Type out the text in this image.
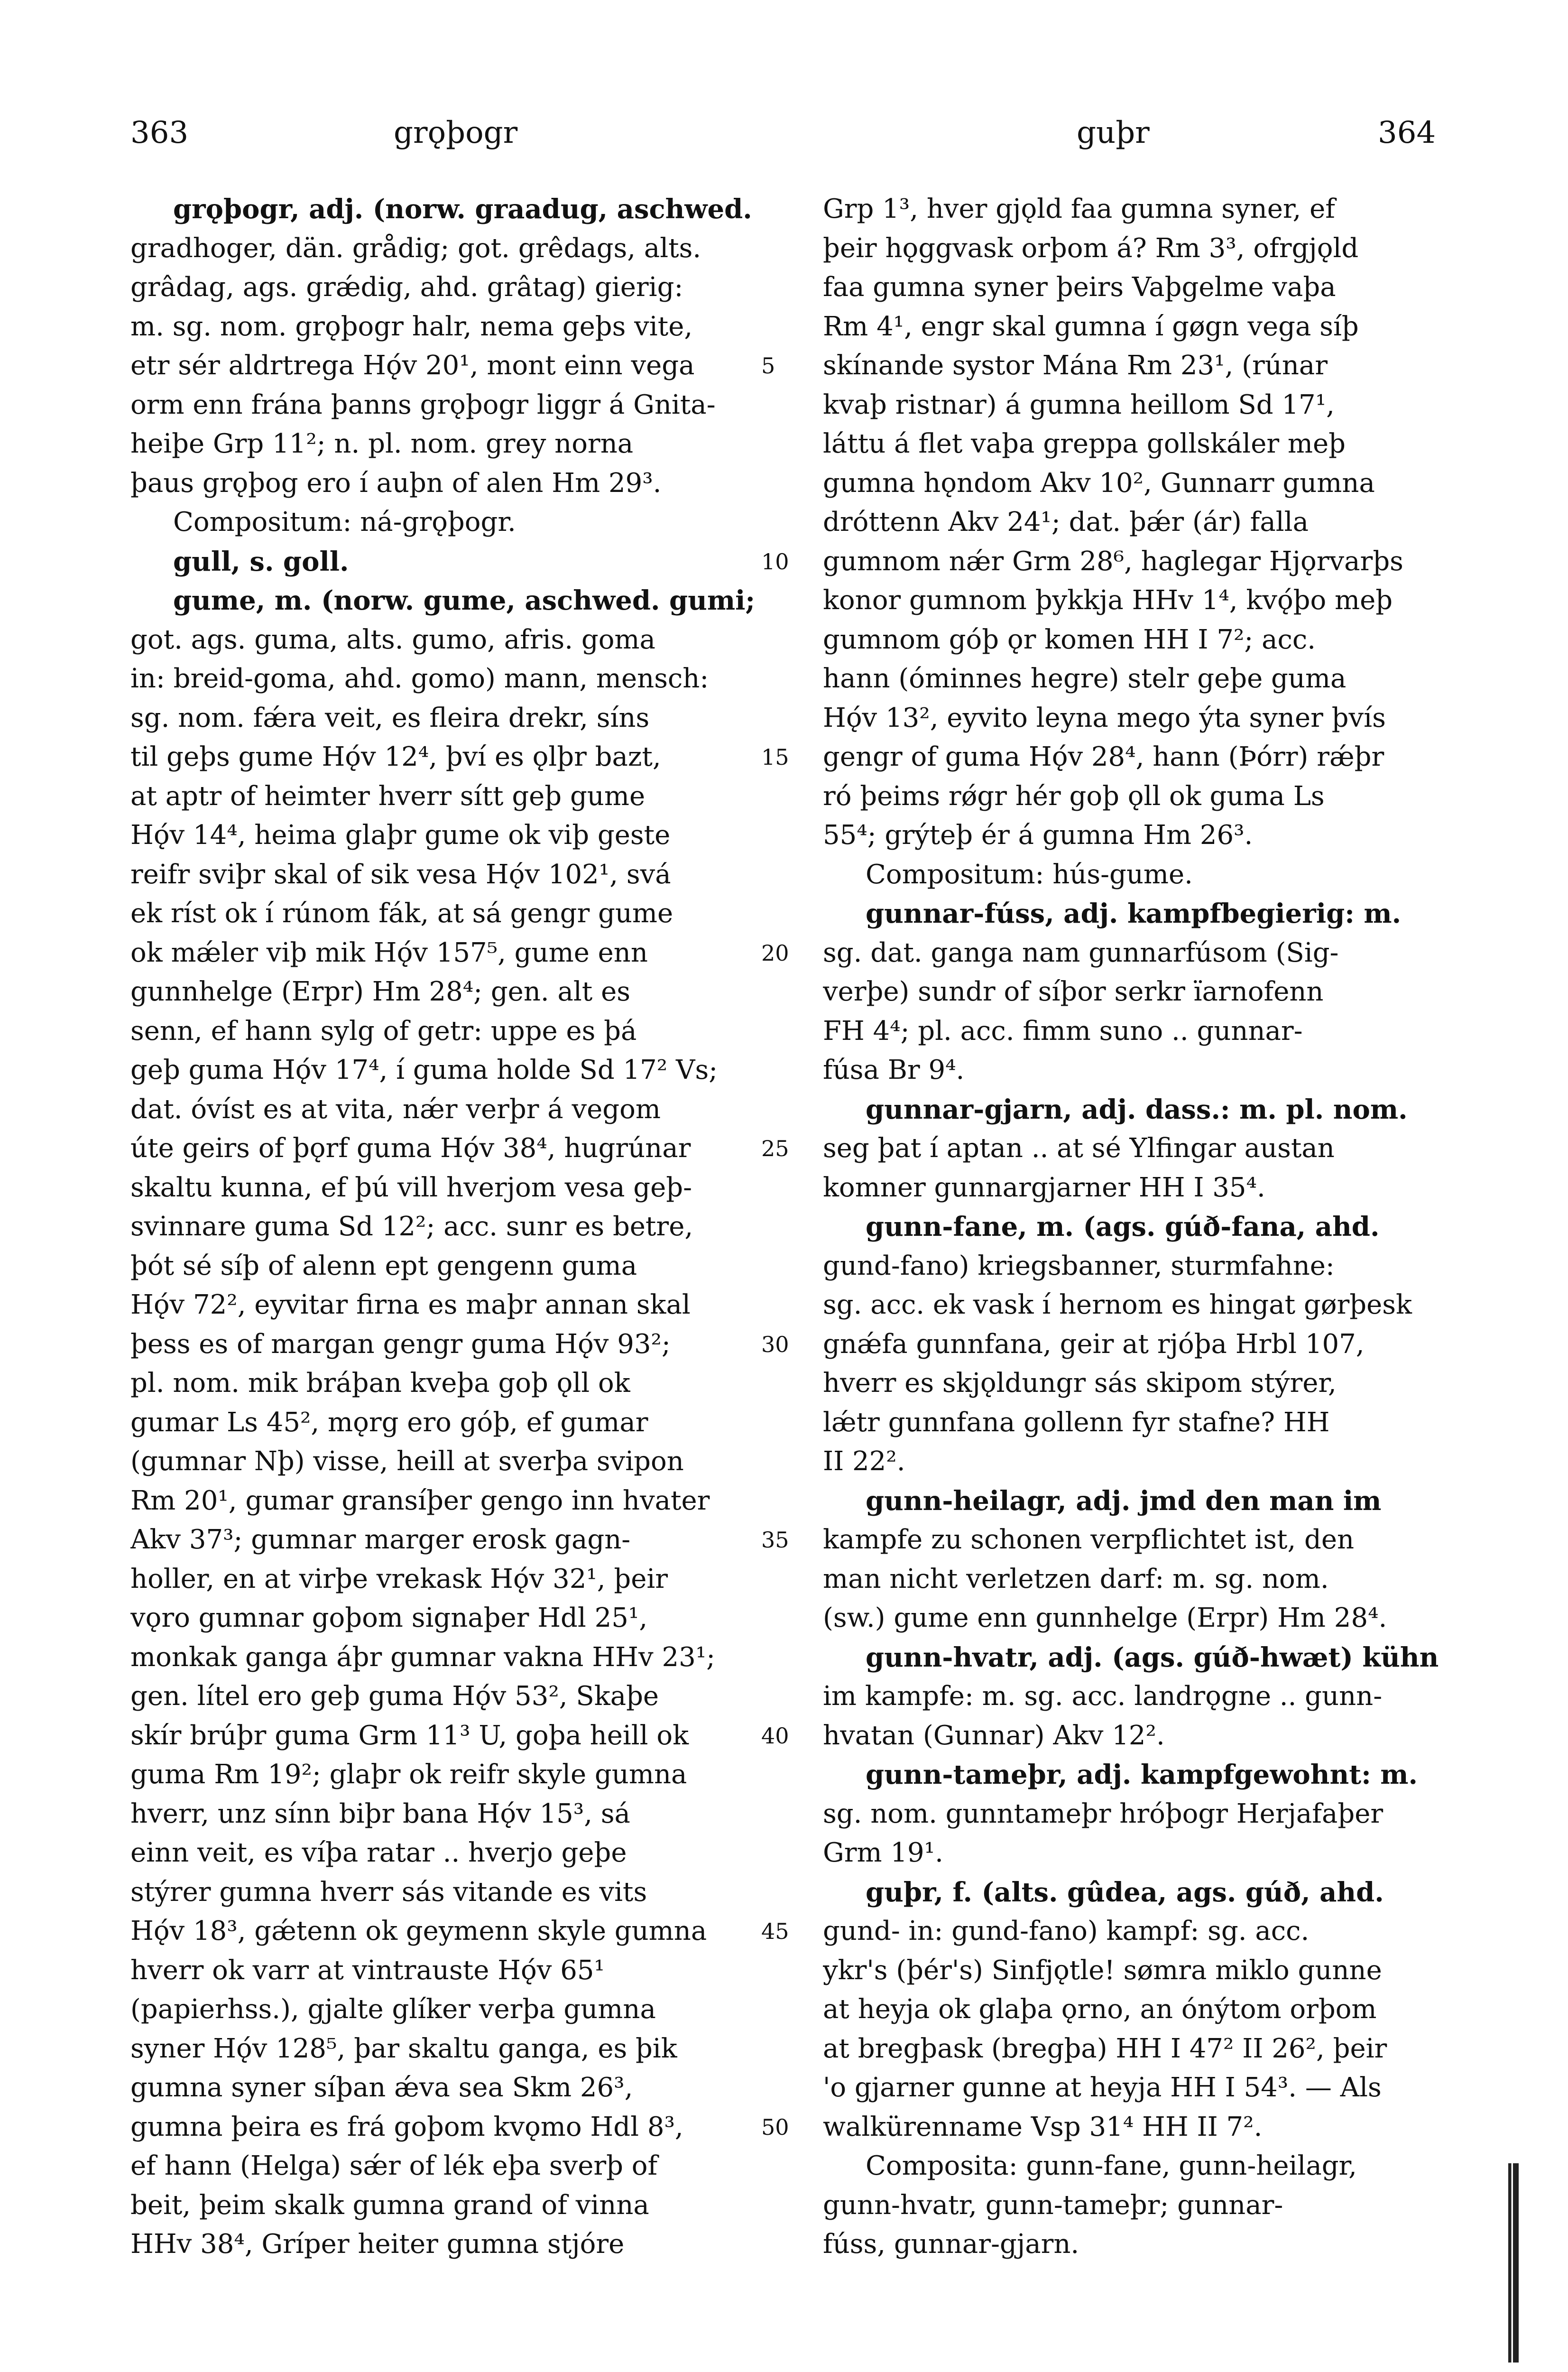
363	grǫþogr	guþr	364
grǫþogr, adj. (norw. graadug, aschwed.
gradhoger, dän. grådig; got. grêdags, alts.
grâdag, ags. grǽdig, ahd. grâtag) gierig:
m. sg. nom. grǫþogr halr, nema geþs vite,
etr sér aldrtrega Hǫ́v 20¹, mont einn vega
orm enn frána þanns grǫþogr liggr á Gnita-
heiþe Grp 11²; n. pl. nom. grey norna
þaus grǫþog ero í auþn of alen Hm 29³.
Compositum: ná-grǫþogr.
gull, s. goll.
gume, m. (norw. gume, aschwed. gumi;
got. ags. guma, alts. gumo, afris. goma
in: breid-goma, ahd. gomo) mann, mensch:
sg. nom. fǽra veit, es fleira drekr, síns
til geþs gume Hǫ́v 12⁴, því es ǫlþr bazt,
at aptr of heimter hverr sítt geþ gume
Hǫ́v 14⁴, heima glaþr gume ok viþ geste
reifr sviþr skal of sik vesa Hǫ́v 102¹, svá
ek ríst ok í rúnom fák, at sá gengr gume
ok mǽler viþ mik Hǫ́v 157⁵, gume enn
gunnhelge (Erpr) Hm 28⁴; gen. alt es
senn, ef hann sylg of getr: uppe es þá
geþ guma Hǫ́v 17⁴, í guma holde Sd 17² Vs;
dat. óvíst es at vita, nǽr verþr á vegom
úte geirs of þǫrf guma Hǫ́v 38⁴, hugrúnar
skaltu kunna, ef þú vill hverjom vesa geþ-
svinnare guma Sd 12²; acc. sunr es betre,
þót sé síþ of alenn ept gengenn guma
Hǫ́v 72², eyvitar firna es maþr annan skal
þess es of margan gengr guma Hǫ́v 93²;
pl. nom. mik bráþan kveþa goþ ǫll ok
gumar Ls 45², mǫrg ero góþ, ef gumar
(gumnar Nþ) visse, heill at sverþa svipon
Rm 20¹, gumar gransíþer gengo inn hvater
Akv 37³; gumnar marger erosk gagn-
holler, en at virþe vrekask Hǫ́v 32¹, þeir
vǫro gumnar goþom signaþer Hdl 25¹,
monkak ganga áþr gumnar vakna HHv 23¹;
gen. lítel ero geþ guma Hǫ́v 53², Skaþe
skír brúþr guma Grm 11³ U, goþa heill ok
guma Rm 19²; glaþr ok reifr skyle gumna
hverr, unz sínn biþr bana Hǫ́v 15³, sá
einn veit, es víþa ratar .. hverjo geþe
stýrer gumna hverr sás vitande es vits
Hǫ́v 18³, gǽtenn ok geymenn skyle gumna
hverr ok varr at vintrauste Hǫ́v 65¹
(papierhss.), gjalte glíker verþa gumna
syner Hǫ́v 128⁵, þar skaltu ganga, es þik
gumna syner síþan ǽva sea Skm 26³,
gumna þeira es frá goþom kvǫmo Hdl 8³,
ef hann (Helga) sǽr of lék eþa sverþ of
beit, þeim skalk gumna grand of vinna
HHv 38⁴, Gríper heiter gumna stjóre
5
10
15
20
25
30
35
40
45
50
Grp 1³, hver gjǫld faa gumna syner, ef
þeir hǫggvask orþom á? Rm 3³, ofrgjǫld
faa gumna syner þeirs Vaþgelme vaþa
Rm 4¹, engr skal gumna í gøgn vega síþ
skínande systor Mána Rm 23¹, (rúnar
kvaþ ristnar) á gumna heillom Sd 17¹,
láttu á flet vaþa greppa gollskáler meþ
gumna hǫndom Akv 10², Gunnarr gumna
dróttenn Akv 24¹; dat. þǽr (ár) falla
gumnom nǽr Grm 28⁶, haglegar Hjǫrvarþs
konor gumnom þykkja HHv 1⁴, kvǫ́þo meþ
gumnom góþ ǫr komen HH I 7²; acc.
hann (óminnes hegre) stelr geþe guma
Hǫ́v 13², eyvito leyna mego ýta syner þvís
gengr of guma Hǫ́v 28⁴, hann (Þórr) rǽþr
ró þeims rǿgr hér goþ ǫll ok guma Ls
55⁴; grýteþ ér á gumna Hm 26³.
Compositum: hús-gume.
gunnar-fúss, adj. kampfbegierig: m.
sg. dat. ganga nam gunnarfúsom (Sig-
verþe) sundr of síþor serkr ïarnofenn
FH 4⁴; pl. acc. fimm suno .. gunnar-
fúsa Br 9⁴.
gunnar-gjarn, adj. dass.: m. pl. nom.
seg þat í aptan .. at sé Ylfingar austan
komner gunnargjarner HH I 35⁴.
gunn-fane, m. (ags. gúð-fana, ahd.
gund-fano) kriegsbanner, sturmfahne:
sg. acc. ek vask í hernom es hingat gørþesk
gnǽfa gunnfana, geir at rjóþa Hrbl 107,
hverr es skjǫldungr sás skipom stýrer,
lǽtr gunnfana gollenn fyr stafne? HH
II 22².
gunn-heilagr, adj. jmd den man im
kampfe zu schonen verpflichtet ist, den
man nicht verletzen darf: m. sg. nom.
(sw.) gume enn gunnhelge (Erpr) Hm 28⁴.
gunn-hvatr, adj. (ags. gúð-hwæt) kühn
im kampfe: m. sg. acc. landrǫgne .. gunn-
hvatan (Gunnar) Akv 12².
gunn-tameþr, adj. kampfgewohnt: m.
sg. nom. gunntameþr hróþogr Herjafaþer
Grm 19¹.
guþr, f. (alts. gûdea, ags. gúð, ahd.
gund- in: gund-fano) kampf: sg. acc.
ykr's (þér's) Sinfjǫtle! sømra miklo gunne
at heyja ok glaþa ǫrno, an ónýtom orþom
at bregþask (bregþa) HH I 47² II 26², þeir
'o gjarner gunne at heyja HH I 54³. — Als
walkürenname Vsp 31⁴ HH II 7².
Composita: gunn-fane, gunn-heilagr,
gunn-hvatr, gunn-tameþr; gunnar-
fúss, gunnar-gjarn.
